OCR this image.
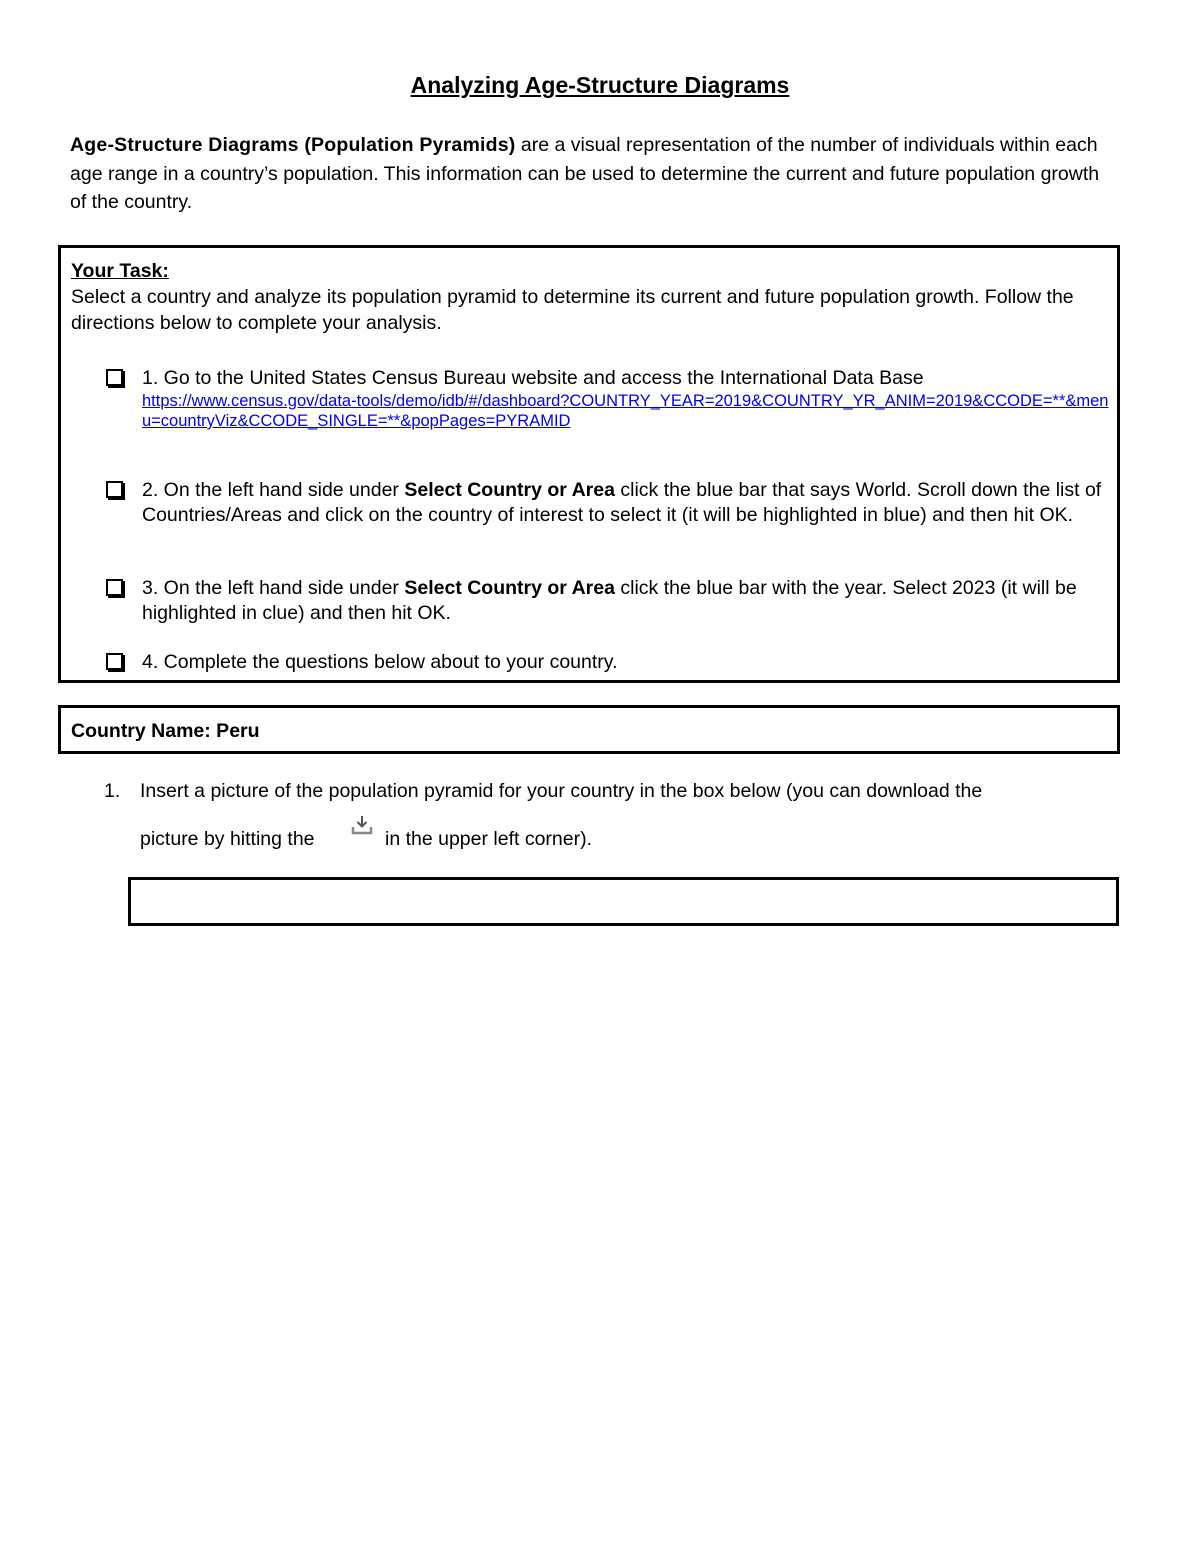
Analyzing Age-Structure Diagrams

Age-Structure Diagrams (Population Pyramids) are a visual representation of the number of individuals within each age range in a country’s population. This information can be used to determine the current and future population growth of the country.

Your Task:

Select a country and analyze its population pyramid to determine its current and future population growth. Follow the directions below to complete your analysis.

1. Go to the United States Census Bureau website and access the International Data Base
https://www.census.gov/data-tools/demo/idb/#/dashboard?COUNTRY_YEAR=2019&COUNTRY_YR_ANIM=2019&CCODE=**&menu=countryViz&CCODE_SINGLE=**&popPages=PYRAMID

2. On the left hand side under Select Country or Area click the blue bar that says World. Scroll down the list of Countries/Areas and click on the country of interest to select it (it will be highlighted in blue) and then hit OK.

3. On the left hand side under Select Country or Area click the blue bar with the year. Select 2023 (it will be highlighted in clue) and then hit OK.

4. Complete the questions below about to your country.

Country Name: Peru

1. Insert a picture of the population pyramid for your country in the box below (you can download the

picture by hitting the	in the upper left corner).
